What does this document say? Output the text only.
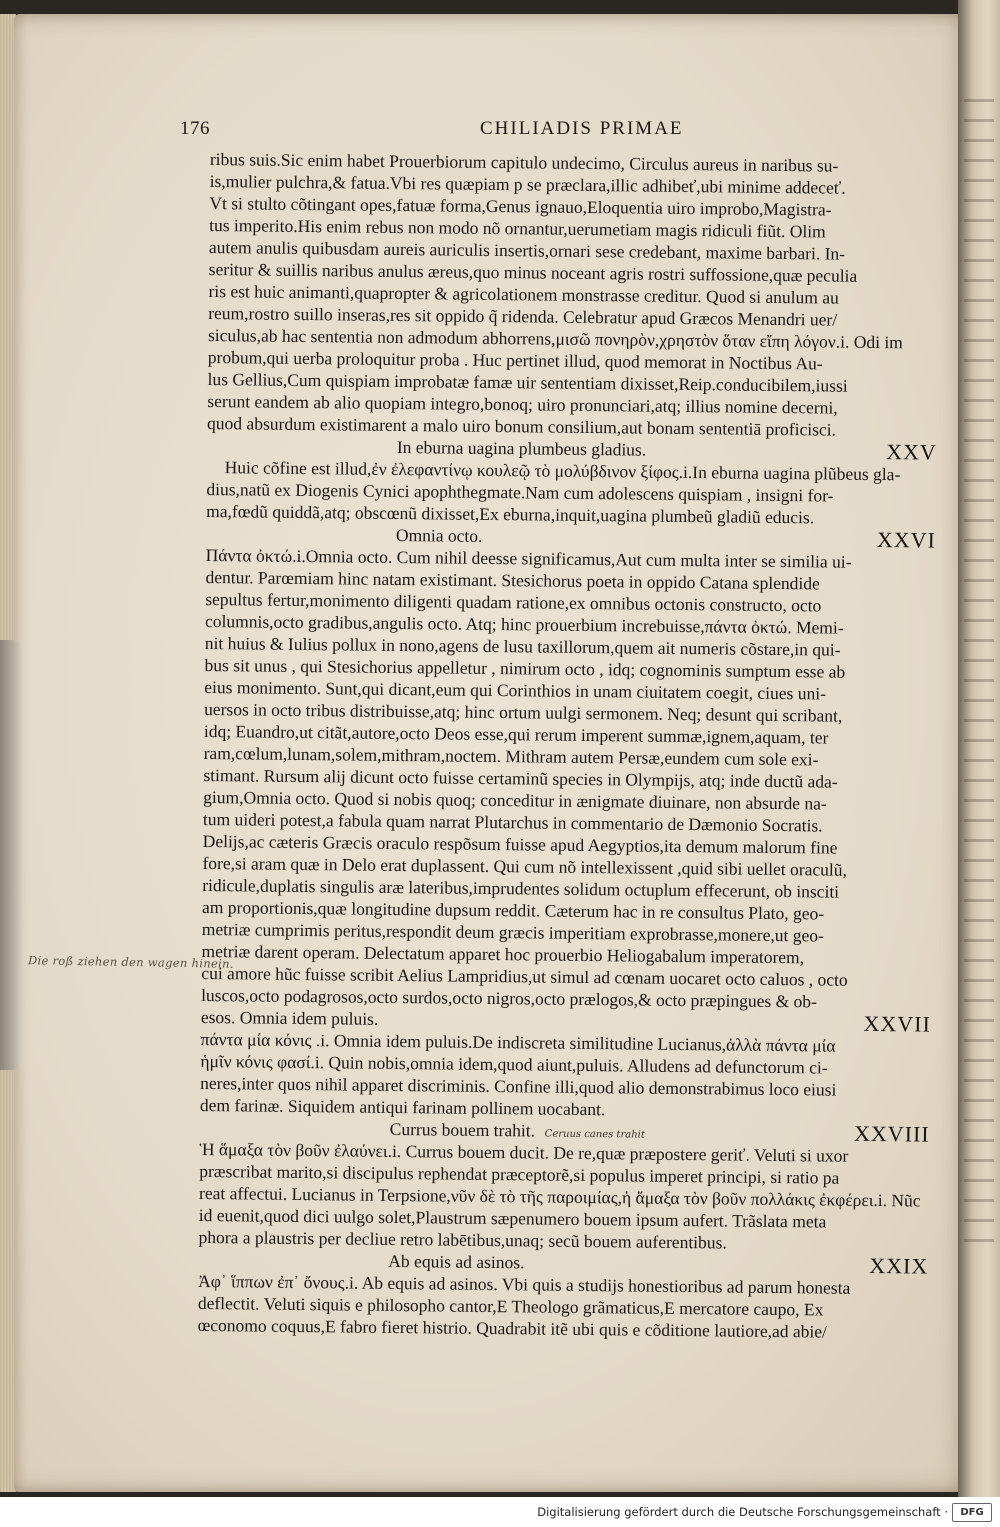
176	CHILIADIS PRIMAE
ribus suis.Sic enim habet Prouerbiorum capitulo undecimo, Circulus aureus in naribus su-
is,mulier pulchra,& fatua.Vbi res quæpiam p se præclara,illic adhibeť,ubi minime addeceť.
Vt si stulto cõtingant opes,fatuæ forma,Genus ignauo,Eloquentia uiro improbo,Magistra-
tus imperito.His enim rebus non modo nõ ornantur,uerumetiam magis ridiculi fiũt. Olim
autem anulis quibusdam aureis auriculis insertis,ornari sese credebant, maxime barbari. In-
seritur & suillis naribus anulus æreus,quo minus noceant agris rostri suffossione,quæ peculia
ris est huic animanti,quapropter & agricolationem monstrasse creditur. Quod si anulum au
reum,rostro suillo inseras,res sit oppido q̃ ridenda. Celebratur apud Græcos Menandri uer/
siculus,ab hac sententia non admodum abhorrens,μισῶ πονηρὸν,χρηστὸν ὅταν εἴπη λόγον.i. Odi im
probum,qui uerba proloquitur proba . Huc pertinet illud, quod memorat in Noctibus Au-
lus Gellius,Cum quispiam improbatæ famæ uir sententiam dixisset,Reip.conducibilem,iussi
serunt eandem ab alio quopiam integro,bonoq; uiro pronunciari,atq; illius nomine decerni,
quod absurdum existimarent a malo uiro bonum consilium,aut bonam sententiā proficisci.
In eburna uagina plumbeus gladius.	XXV
Huic cõfine est illud,ἐν ἐλεφαντίνῳ κουλεῷ τὸ μολύβδινον ξίφος.i.In eburna uagina plũbeus gla-
dius,natũ ex Diogenis Cynici apophthegmate.Nam cum adolescens quispiam , insigni for-
ma,fœdũ quiddã,atq; obscœnũ dixisset,Ex eburna,inquit,uagina plumbeũ gladiũ educis.
Omnia octo.	XXVI
Πάντα ὀκτώ.i.Omnia octo. Cum nihil deesse significamus,Aut cum multa inter se similia ui-
dentur. Parœmiam hinc natam existimant. Stesichorus poeta in oppido Catana splendide
sepultus fertur,monimento diligenti quadam ratione,ex omnibus octonis constructo, octo
columnis,octo gradibus,angulis octo. Atq; hinc prouerbium increbuisse,πάντα ὀκτώ. Memi-
nit huius & Iulius pollux in nono,agens de lusu taxillorum,quem ait numeris cõstare,in qui-
bus sit unus , qui Stesichorius appelletur , nimirum octo , idq; cognominis sumptum esse ab
eius monimento. Sunt,qui dicant,eum qui Corinthios in unam ciuitatem coegit, ciues uni-
uersos in octo tribus distribuisse,atq; hinc ortum uulgi sermonem. Neq; desunt qui scribant,
idq; Euandro,ut citãt,autore,octo Deos esse,qui rerum imperent summæ,ignem,aquam, ter
ram,cœlum,lunam,solem,mithram,noctem. Mithram autem Persæ,eundem cum sole exi-
stimant. Rursum alij dicunt octo fuisse certaminũ species in Olympijs, atq; inde ductũ ada-
gium,Omnia octo. Quod si nobis quoq; conceditur in ænigmate diuinare, non absurde na-
tum uideri potest,a fabula quam narrat Plutarchus in commentario de Dæmonio Socratis.
Delijs,ac cæteris Græcis oraculo respõsum fuisse apud Aegyptios,ita demum malorum fine
fore,si aram quæ in Delo erat duplassent. Qui cum nõ intellexissent ,quid sibi uellet oraculũ,
ridicule,duplatis singulis aræ lateribus,imprudentes solidum octuplum effecerunt, ob insciti
am proportionis,quæ longitudine dupsum reddit. Cæterum hac in re consultus Plato, geo-
metriæ cumprimis peritus,respondit deum græcis imperitiam exprobrasse,monere,ut geo-
metriæ darent operam. Delectatum apparet hoc prouerbio Heliogabalum imperatorem,
cui amore hũc fuisse scribit Aelius Lampridius,ut simul ad cœnam uocaret octo caluos , octo
luscos,octo podagrosos,octo surdos,octo nigros,octo prælogos,& octo præpingues & ob-
esos. Omnia idem puluis.	XXVII
πάντα μία κόνις .i. Omnia idem puluis.De indiscreta similitudine Lucianus,ἀλλὰ πάντα μία
ἡμῖν κόνις φασί.i. Quin nobis,omnia idem,quod aiunt,puluis. Alludens ad defunctorum ci-
neres,inter quos nihil apparet discriminis. Confine illi,quod alio demonstrabimus loco eiusi
dem farinæ. Siquidem antiqui farinam pollinem uocabant.
Currus bouem trahit. Ceruus canes trahit	XXVIII
Ἡ ἅμαξα τὸν βοῦν ἐλαύνει.i. Currus bouem ducit. De re,quæ præpostere geriť. Veluti si uxor
præscribat marito,si discipulus rephendat præceptorẽ,si populus imperet principi, si ratio pa
reat affectui. Lucianus in Terpsione,νῦν δὲ τὸ τῆς παροιμίας,ἡ ἅμαξα τὸν βοῦν πολλάκις ἐκφέρει.i. Nũc
id euenit,quod dici uulgo solet,Plaustrum sæpenumero bouem ipsum aufert. Trãslata meta
phora a plaustris per decliue retro labētibus,unaq; secũ bouem auferentibus.
Ab equis ad asinos.	XXIX
Ἀφ᾽ ἵππων ἐπ᾽ ὄνους.i. Ab equis ad asinos. Vbi quis a studijs honestioribus ad parum honesta
deflectit. Veluti siquis e philosopho cantor,E Theologo grãmaticus,E mercatore caupo, Ex
œconomo coquus,E fabro fieret histrio. Quadrabit itẽ ubi quis e cõditione lautiore,ad abie/
Die roß ziehen den wagen hinein.
Digitalisierung gefördert durch die Deutsche Forschungsgemeinschaft ·	DFG
